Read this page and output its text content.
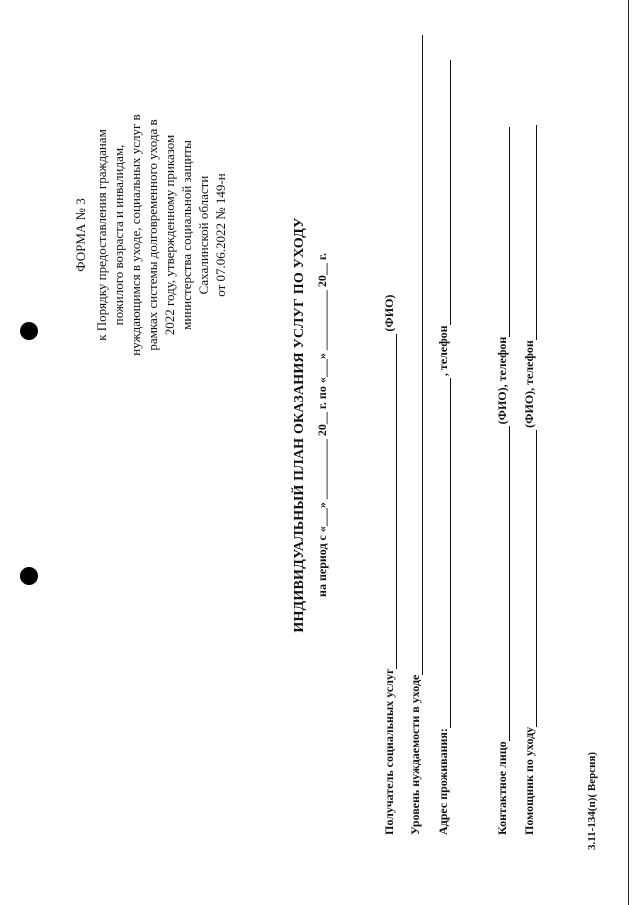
ФОРМА № 3 к Порядку предоставления гражданам пожилого возраста и инвалидам, нуждающимся в уходе, социальных услуг в рамках системы долговременного ухода в 2022 году, утвержденному приказом министерства социальной защиты Сахалинской области от 07.06.2022 № 149-н	ИНДИВИДУАЛЬНЫЙ ПЛАН ОКАЗАНИЯ УСЛУГ ПО УХОДУ на период с «___» __________ 20__ г. по «___» __________ 20__ г.
Получатель социальных услуг
(ФИО)
Уровень нуждаемости в уходе Адрес проживания:
, телефон
Контактное лицо
(ФИО), телефон
Помощник по уходу
(ФИО), телефон
3.11-134(п)( Версия)
